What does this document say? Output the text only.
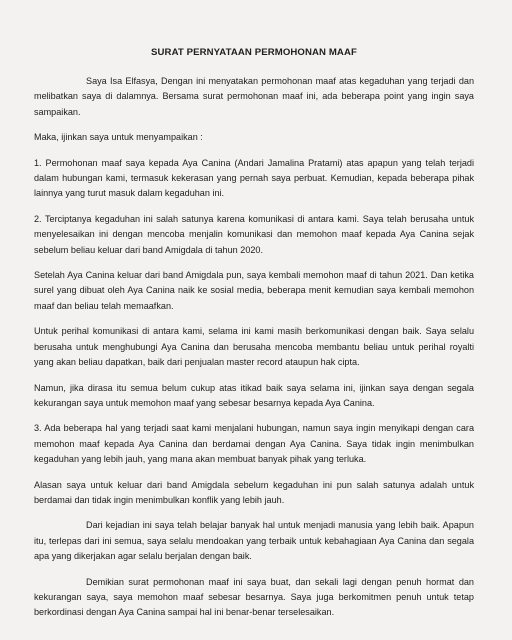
SURAT PERNYATAAN PERMOHONAN MAAF

Saya Isa Elfasya, Dengan ini menyatakan permohonan maaf atas kegaduhan yang terjadi dan melibatkan saya di dalamnya. Bersama surat permohonan maaf ini, ada beberapa point yang ingin saya sampaikan.

Maka, ijinkan saya untuk menyampaikan :

1. Permohonan maaf saya kepada Aya Canina (Andari Jamalina Pratami) atas apapun yang telah terjadi dalam hubungan kami, termasuk kekerasan yang pernah saya perbuat. Kemudian, kepada beberapa pihak lainnya yang turut masuk dalam kegaduhan ini.

2. Terciptanya kegaduhan ini salah satunya karena komunikasi di antara kami. Saya telah berusaha untuk menyelesaikan ini dengan mencoba menjalin komunikasi dan memohon maaf kepada Aya Canina sejak sebelum beliau keluar dari band Amigdala di tahun 2020.

Setelah Aya Canina keluar dari band Amigdala pun, saya kembali memohon maaf di tahun 2021. Dan ketika surel yang dibuat oleh Aya Canina naik ke sosial media, beberapa menit kemudian saya kembali memohon maaf dan beliau telah memaafkan.

Untuk perihal komunikasi di antara kami, selama ini kami masih berkomunikasi dengan baik. Saya selalu berusaha untuk menghubungi Aya Canina dan berusaha mencoba membantu beliau untuk perihal royalti yang akan beliau dapatkan, baik dari penjualan master record ataupun hak cipta.

Namun, jika dirasa itu semua belum cukup atas itikad baik saya selama ini, ijinkan saya dengan segala kekurangan saya untuk memohon maaf yang sebesar besarnya kepada Aya Canina.

3. Ada beberapa hal yang terjadi saat kami menjalani hubungan, namun saya ingin menyikapi dengan cara memohon maaf kepada Aya Canina dan berdamai dengan Aya Canina. Saya tidak ingin menimbulkan kegaduhan yang lebih jauh, yang mana akan membuat banyak pihak yang terluka.

Alasan saya untuk keluar dari band Amigdala sebelum kegaduhan ini pun salah satunya adalah untuk berdamai dan tidak ingin menimbulkan konflik yang lebih jauh.

Dari kejadian ini saya telah belajar banyak hal untuk menjadi manusia yang lebih baik. Apapun itu, terlepas dari ini semua, saya selalu mendoakan yang terbaik untuk kebahagiaan Aya Canina dan segala apa yang dikerjakan agar selalu berjalan dengan baik.

Demikian surat permohonan maaf ini saya buat, dan sekali lagi dengan penuh hormat dan kekurangan saya, saya memohon maaf sebesar besarnya. Saya juga berkomitmen penuh untuk tetap berkordinasi dengan Aya Canina sampai hal ini benar-benar terselesaikan.
